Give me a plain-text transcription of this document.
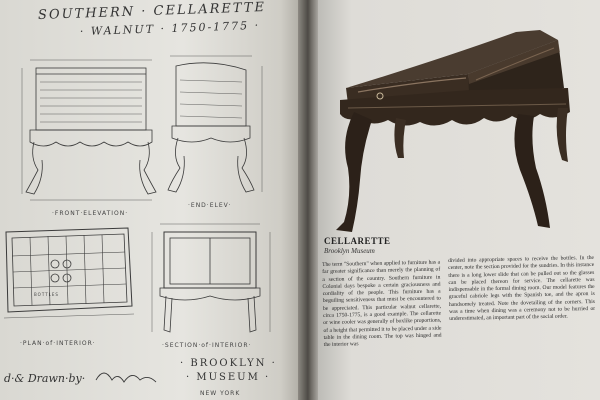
SOUTHERN · CELLARETTE
· WALNUT · 1750-1775 ·
·FRONT·ELEVATION·
·END·ELEV·
BOTTLES
·PLAN·of·INTERIOR·	·SECTION·of·INTERIOR·
· BROOKLYN ·
· MUSEUM ·
NEW YORK
d·& Drawn·by·
CELLARETTE
Brooklyn Museum
The term "Southern" when applied to furniture has a far greater significance than merely the planning of a section of the country. Southern furniture in Colonial days bespoke a certain graciousness and cordiality of the people. This furniture has a beguiling sensitiveness that must be encountered to be appreciated. This particular walnut cellarette, circa 1750-1775, is a good example. The cellarette or wine cooler was generally of boxlike proportions, of a height that permitted it to be placed under a side table in the dining room. The top was hinged and the interior was
divided into appropriate spaces to receive the bottles. In the center, note the section provided for the sundries. In this instance there is a long lower slide that can be pulled out so the glasses can be placed thereon for service. The cellarette was indispensable in the formal dining room. Our model features the graceful cabriole legs with the Spanish toe, and the apron is handsomely treated. Note the dovetailing of the corners. This was a time when dining was a ceremony not to be hurried or underestimated, an important part of the social order.
